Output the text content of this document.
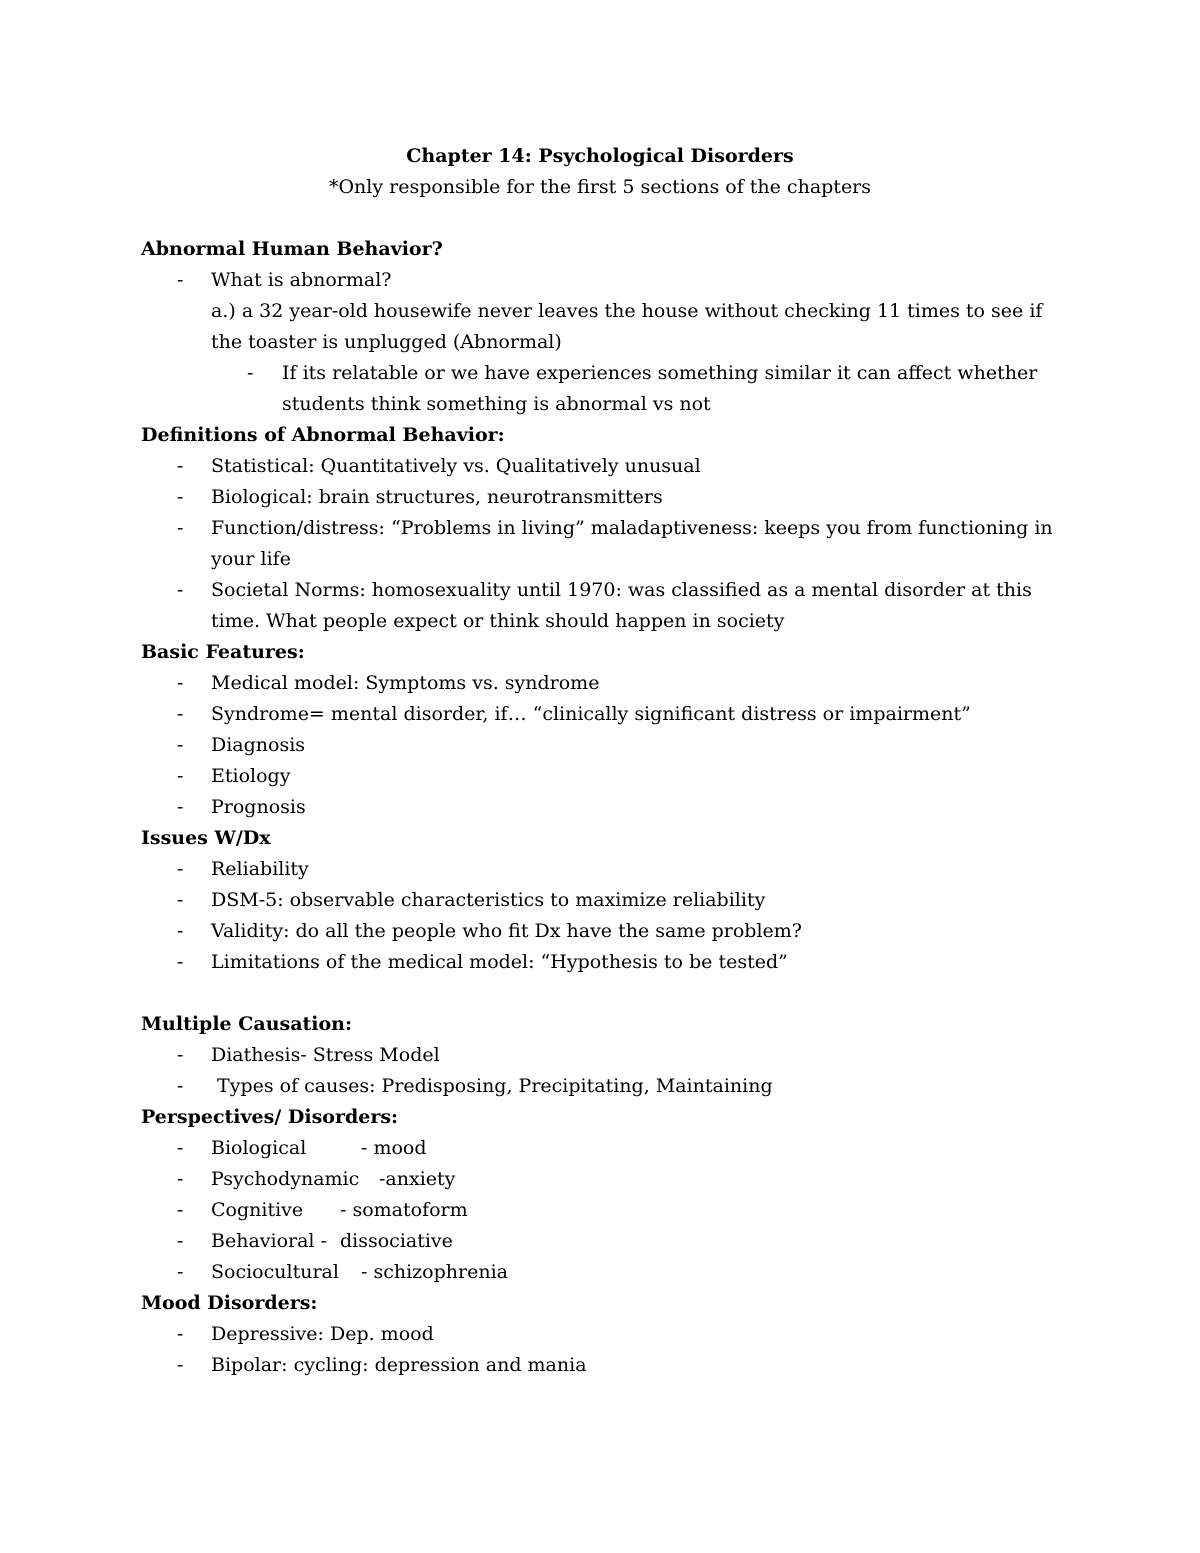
Chapter 14: Psychological Disorders
*Only responsible for the first 5 sections of the chapters
Abnormal Human Behavior?
- What is abnormal?
a.) a 32 year-old housewife never leaves the house without checking 11 times to see if the toaster is unplugged (Abnormal)
- If its relatable or we have experiences something similar it can affect whether students think something is abnormal vs not
Definitions of Abnormal Behavior:
- Statistical: Quantitatively vs. Qualitatively unusual
- Biological: brain structures, neurotransmitters
- Function/distress: “Problems in living” maladaptiveness: keeps you from functioning in your life
- Societal Norms: homosexuality until 1970: was classified as a mental disorder at this time. What people expect or think should happen in society
Basic Features:
- Medical model: Symptoms vs. syndrome
- Syndrome= mental disorder, if… “clinically significant distress or impairment”
- Diagnosis
- Etiology
- Prognosis
Issues W/Dx
- Reliability
- DSM-5: observable characteristics to maximize reliability
- Validity: do all the people who fit Dx have the same problem?
- Limitations of the medical model: “Hypothesis to be tested”
Multiple Causation:
- Diathesis- Stress Model
- Types of causes: Predisposing, Precipitating, Maintaining
Perspectives/ Disorders:
- Biological	- mood
- Psychodynamic -anxiety
- Cognitive - somatoform
- Behavioral - dissociative
- Sociocultural - schizophrenia
Mood Disorders:
- Depressive: Dep. mood
- Bipolar: cycling: depression and mania
